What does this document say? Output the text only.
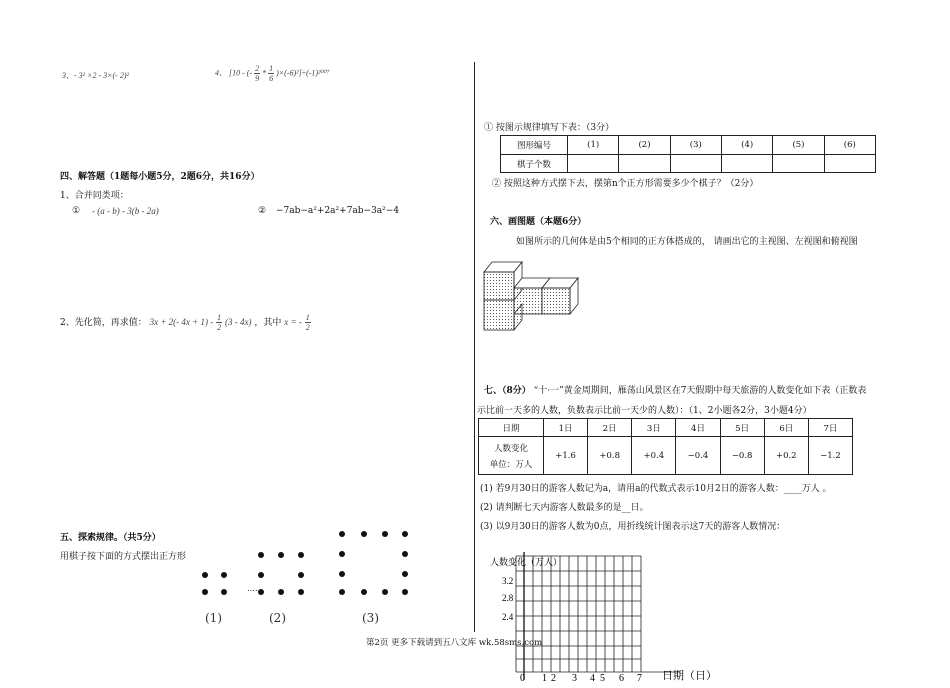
3、- 3² ×2 - 3×(- 2)²	4、 [10 - (- $\frac{2}{9} * \frac{1}{6} )\times(-6)^2]\div(-1)^{2007}$
四、解答题（1题每小题5分，2题6分，共16分）
1、合并同类项：
① - (a - b) - 3(b - 2a)	② −7ab−a²+2a²+7ab−3a²−4
2、先化简，再求值： 3x + 2(- $4x + 1) - \frac{1}{2} (3 - 4x)$ ，其中 x = - $\frac{1}{2}$
五、探索规律。（共5分）
用棋子按下面的方式摆出正方形
……
(1)	(2)	(3)
① 按图示规律填写下表：（3分）
图形编号	(1)	(2)	(3)	(4)	(5)	(6)
棋子个数						
② 按照这种方式摆下去，摆第n个正方形需要多少个棋子？（2分）
六、画图题（本题6分）
如图所示的几何体是由5个相同的正方体搭成的， 请画出它的主视图、左视图和俯视图
七、（8分） “十·一”黄金周期间，雁荡山风景区在7天假期中每天旅游的人数变化如下表（正数表
示比前一天多的人数，负数表示比前一天少的人数）：（1、2小题各2分，3小题4分）
日期	1日	2日	3日	4日	5日	6日	7日

人数变化
单位：万人	+1.6	+0.8	+0.4	−0.4	−0.8	+0.2	−1.2
(1) 若9月30日的游客人数记为a，请用a的代数式表示10月2日的游客人数：____万人 。
(2) 请判断七天内游客人数最多的是__日。
(3) 以9月30日的游客人数为0点，用折线统计图表示这7天的游客人数情况：
人数变化（万人）
3.2
2.8
2.4
0 1 2 3 4 5 6 7 日期（日）
第2页 更多下载请到五八文库 wk.58sms.com
